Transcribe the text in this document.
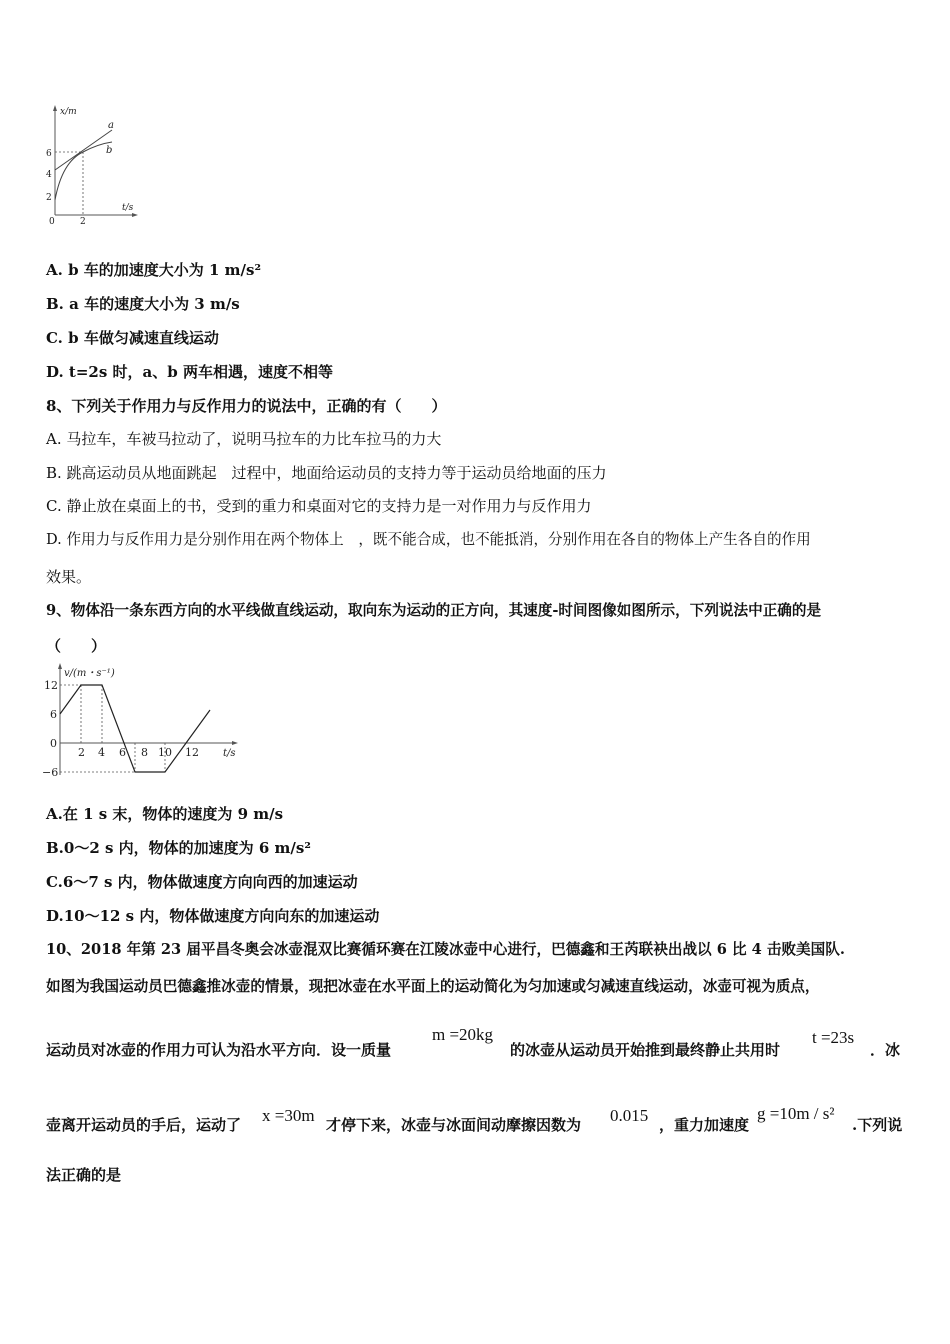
x/m
t/s
6
4
2
0	2
a
b
A. b 车的加速度大小为 1 m/s²
B. a 车的速度大小为 3 m/s
C. b 车做匀减速直线运动
D. t=2s 时，a、b 两车相遇，速度不相等
8、下列关于作用力与反作用力的说法中，正确的有（　　）
A. 马拉车，车被马拉动了，说明马拉车的力比车拉马的力大
B. 跳高运动员从地面跳起　过程中，地面给运动员的支持力等于运动员给地面的压力
C. 静止放在桌面上的书，受到的重力和桌面对它的支持力是一对作用力与反作用力
D. 作用力与反作用力是分别作用在两个物体上　，既不能合成，也不能抵消，分别作用在各自的物体上产生各自的作用
效果。
9、物体沿一条东西方向的水平线做直线运动，取向东为运动的正方向，其速度-时间图像如图所示，下列说法中正确的是
（　　）
v/(m・s⁻¹)
t/s
12
6
0
−6
2 4 6 8 10 12
A.在 1 s 末，物体的速度为 9 m/s
B.0～2 s 内，物体的加速度为 6 m/s²
C.6～7 s 内，物体做速度方向向西的加速运动
D.10～12 s 内，物体做速度方向向东的加速运动
10、2018 年第 23 届平昌冬奥会冰壶混双比赛循环赛在江陵冰壶中心进行，巴德鑫和王芮联袂出战以 6 比 4 击败美国队.
如图为我国运动员巴德鑫推冰壶的情景，现把冰壶在水平面上的运动简化为匀加速或匀减速直线运动，冰壶可视为质点，
运动员对冰壶的作用力可认为沿水平方向．设一质量
m =20kg
的冰壶从运动员开始推到最终静止共用时
t =23s
．冰
壶离开运动员的手后，运动了 x =30m 才停下来，冰壶与冰面间动摩擦因数为 0.015 ，重力加速度
g =10m / s²
.下列说
法正确的是
